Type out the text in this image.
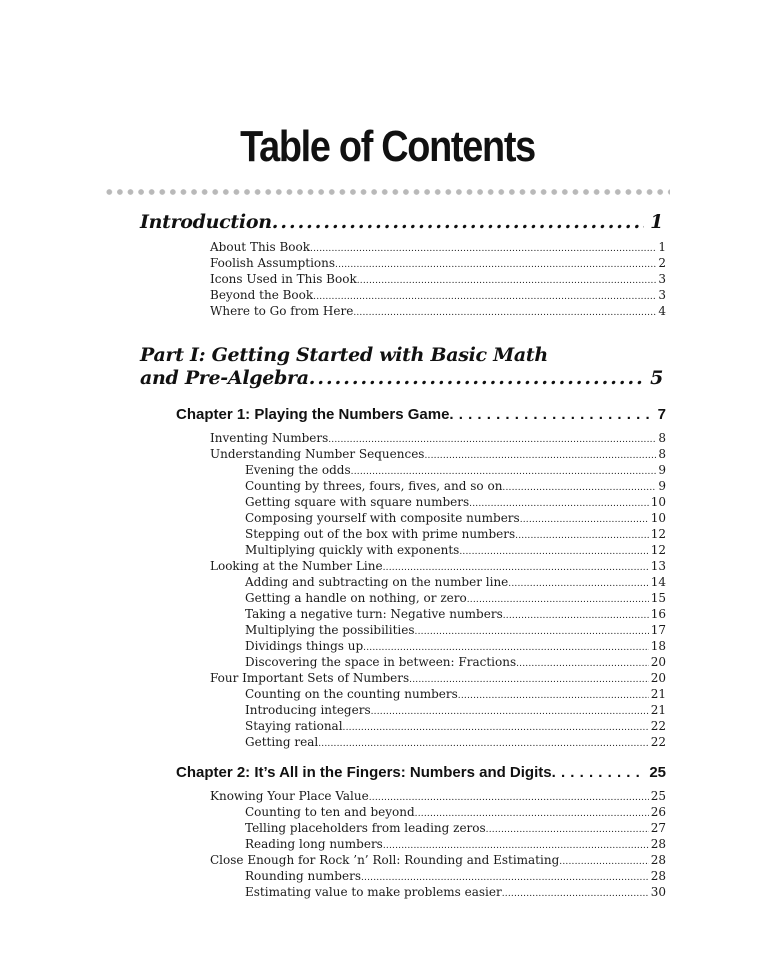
Table of Contents
Introduction .....	1
About This Book .....	1
Foolish Assumptions .....	2
Icons Used in This Book .....	3
Beyond the Book .....	3
Where to Go from Here .....	4
Part I: Getting Started with Basic Math
and Pre-Algebra .....	5
Chapter 1: Playing the Numbers Game . . .	7
Inventing Numbers .....	8
Understanding Number Sequences .....	8
Evening the odds .....	9
Counting by threes, fours, fives, and so on .....	9
Getting square with square numbers .....	10
Composing yourself with composite numbers .....	10
Stepping out of the box with prime numbers .....	12
Multiplying quickly with exponents .....	12
Looking at the Number Line .....	13
Adding and subtracting on the number line .....	14
Getting a handle on nothing, or zero .....	15
Taking a negative turn: Negative numbers .....	16
Multiplying the possibilities .....	17
Dividings things up .....	18
Discovering the space in between: Fractions .....	20
Four Important Sets of Numbers .....	20
Counting on the counting numbers .....	21
Introducing integers .....	21
Staying rational .....	22
Getting real .....	22
Chapter 2: It’s All in the Fingers: Numbers and Digits . . .	25
Knowing Your Place Value .....	25
Counting to ten and beyond .....	26
Telling placeholders from leading zeros .....	27
Reading long numbers .....	28
Close Enough for Rock ’n’ Roll: Rounding and Estimating .....	28
Rounding numbers .....	28
Estimating value to make problems easier .....	30
